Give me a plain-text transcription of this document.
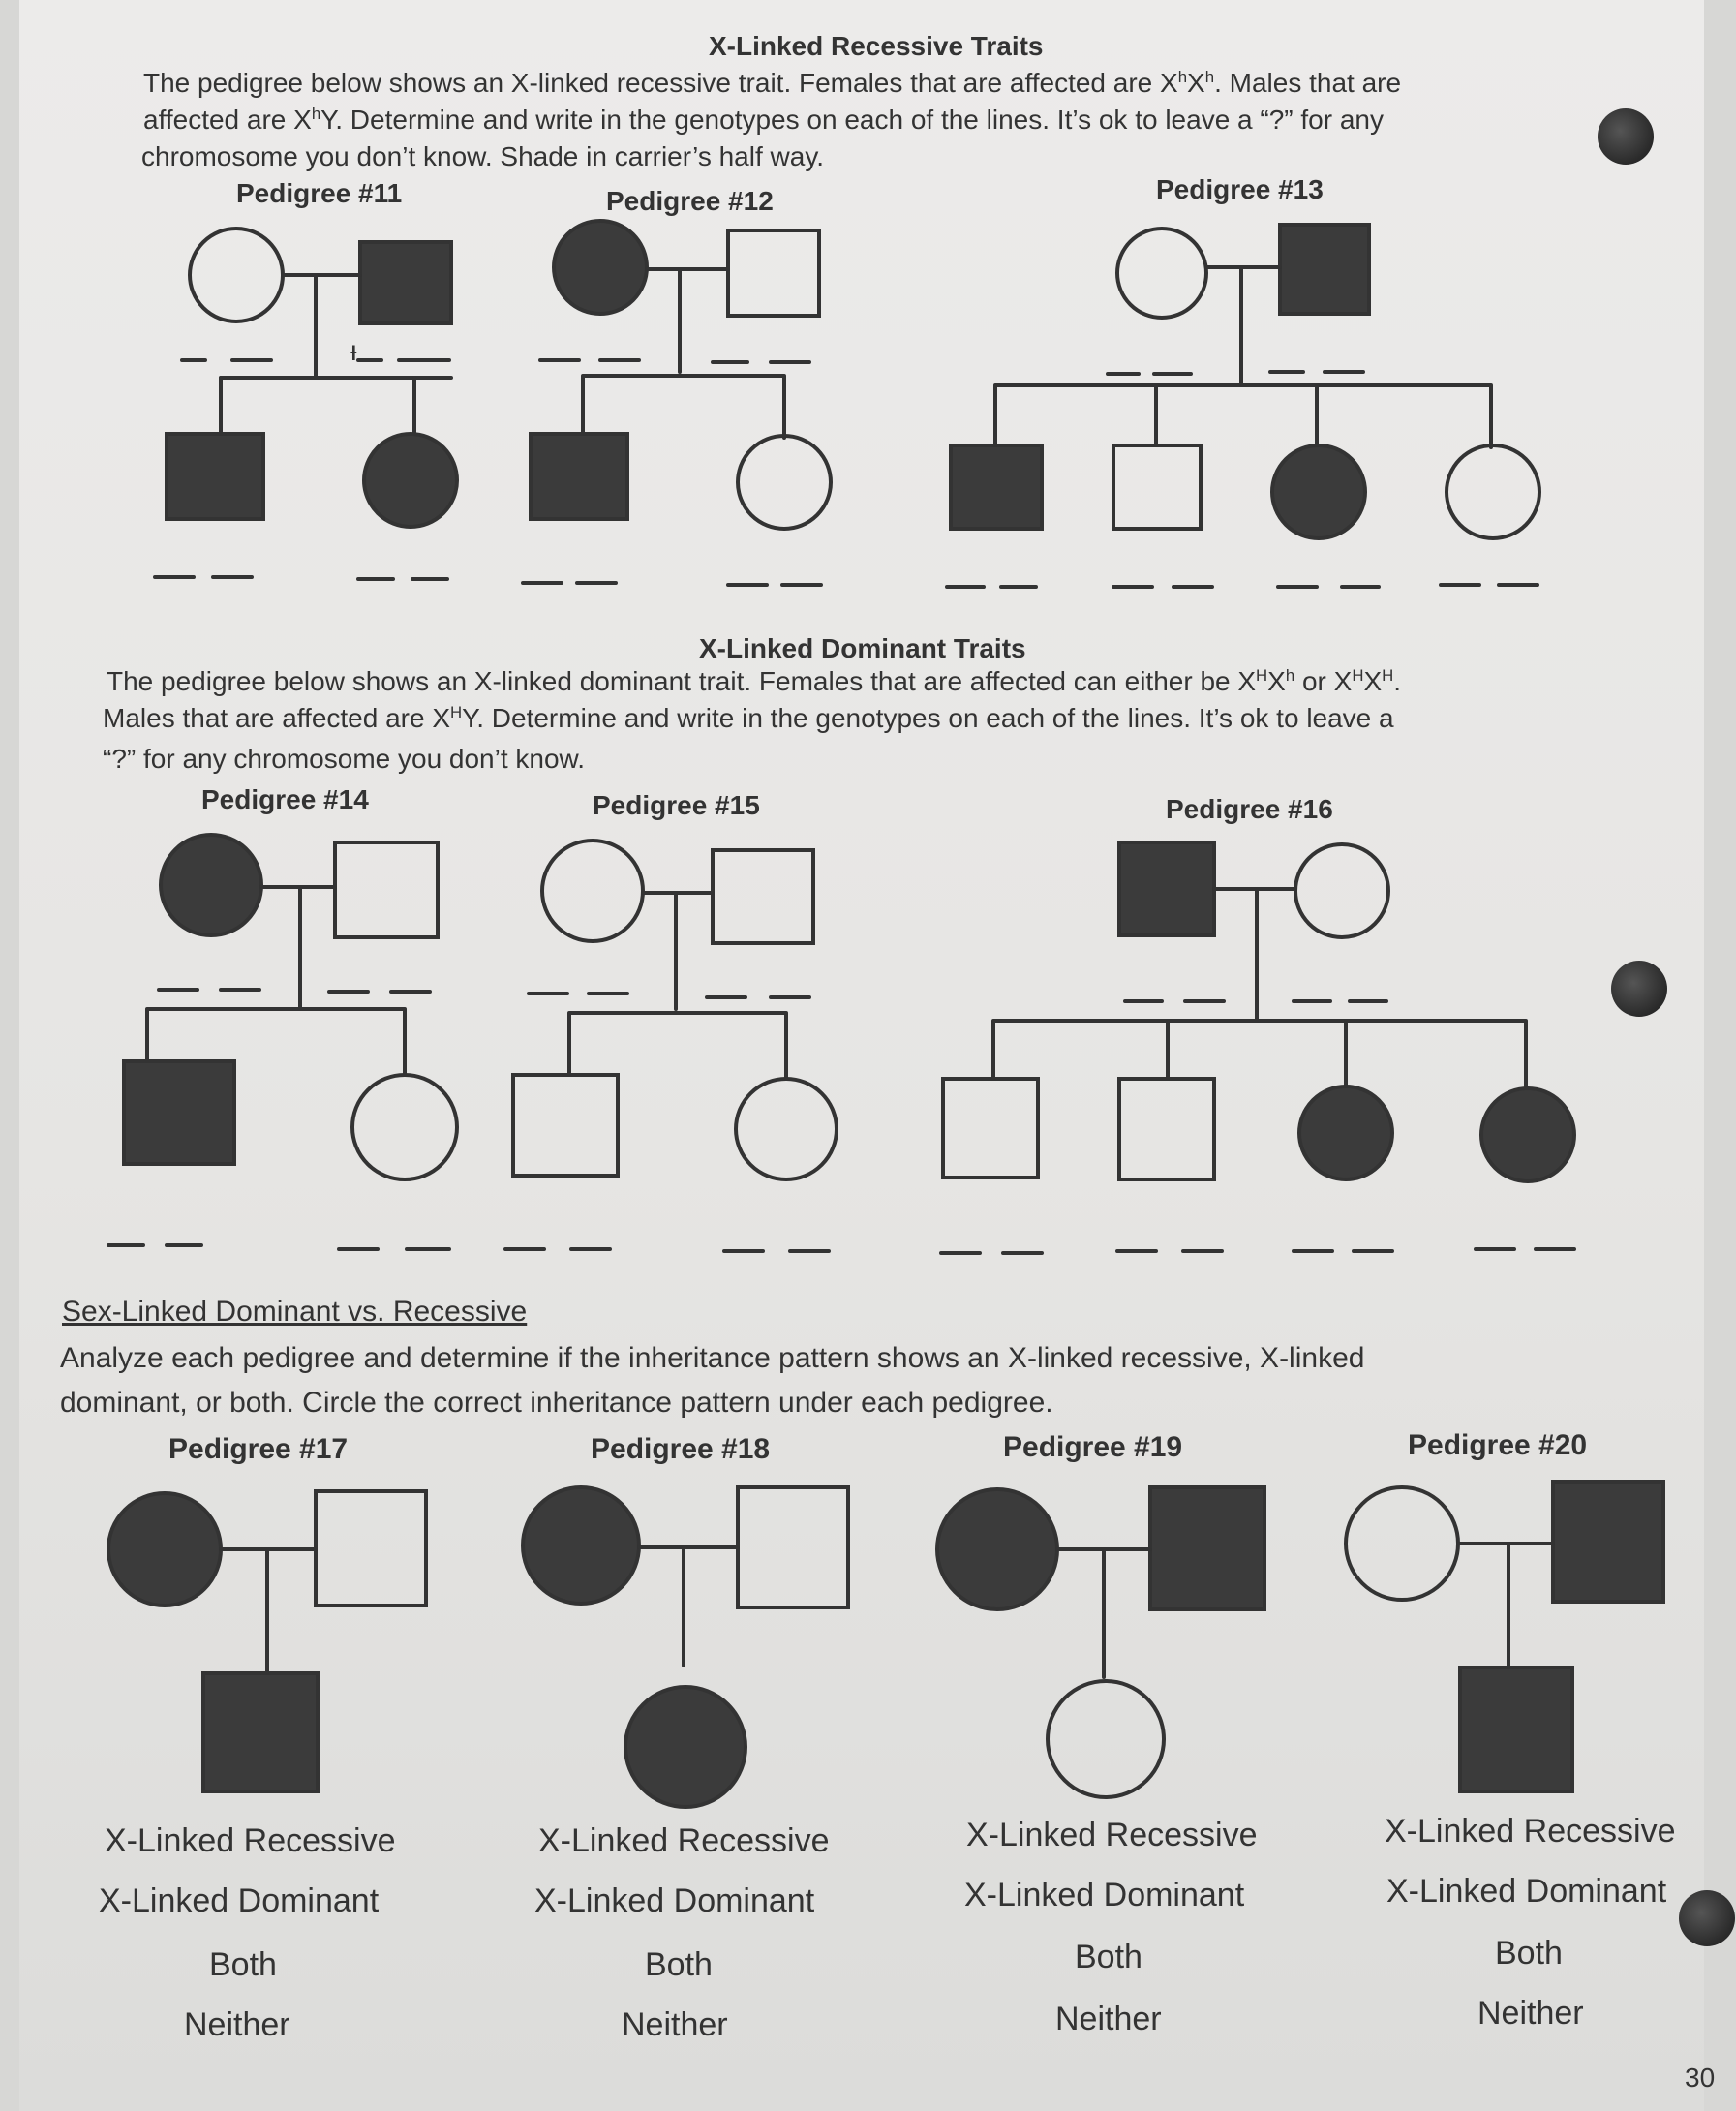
X-Linked Recessive Traits
The pedigree below shows an X-linked recessive trait. Females that are affected are $X^hX^h$. Males that are
affected are $X^hY$. Determine and write in the genotypes on each of the lines. It’s ok to leave a “?” for any
chromosome you don’t know. Shade in carrier’s half way.
Pedigree #11	Pedigree #12	Pedigree #13
ᵻ
X-Linked Dominant Traits
The pedigree below shows an X-linked dominant trait. Females that are affected can either be $X^HX^h$ or $X^HX^H$.
Males that are affected are $X^HY$. Determine and write in the genotypes on each of the lines. It’s ok to leave a
“?” for any chromosome you don’t know.
Pedigree #14	Pedigree #15	Pedigree #16
Sex-Linked Dominant vs. Recessive
Analyze each pedigree and determine if the inheritance pattern shows an X-linked recessive, X-linked
dominant, or both. Circle the correct inheritance pattern under each pedigree.
Pedigree #17	Pedigree #18	Pedigree #19	Pedigree #20
X-Linked Recessive
X-Linked Dominant
Both
Neither
X-Linked Recessive
X-Linked Dominant
Both
Neither
X-Linked Recessive
X-Linked Dominant
Both
Neither
X-Linked Recessive
X-Linked Dominant
Both
Neither
30
